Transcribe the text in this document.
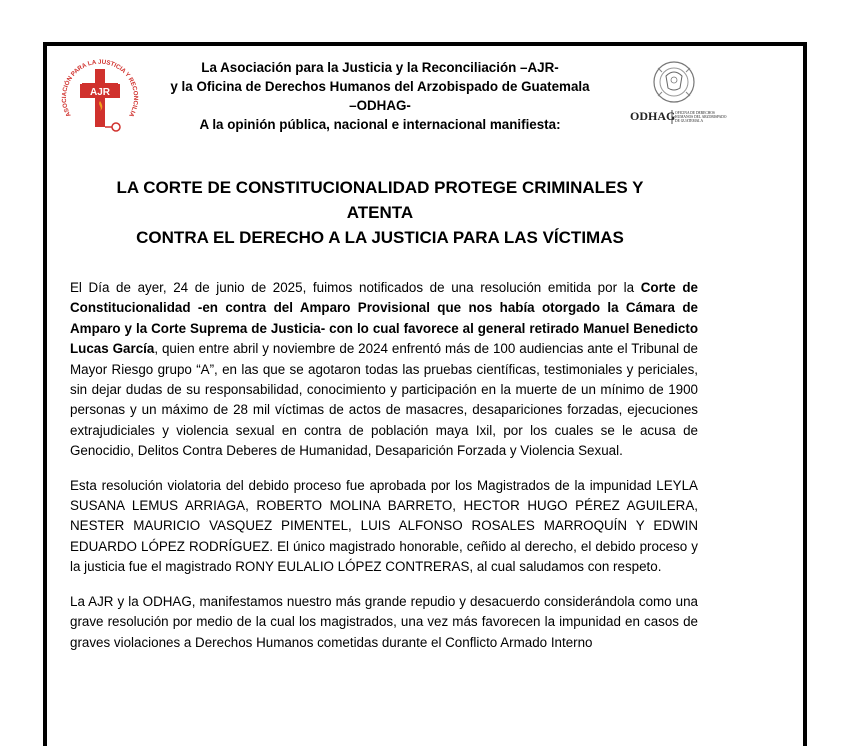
ASOCIACIÓN PARA LA JUSTICIA Y RECONCILIA
AJR
La Asociación para la Justicia y la Reconciliación –AJR-
y la Oficina de Derechos Humanos del Arzobispado de Guatemala
–ODHAG-
A la opinión pública, nacional e internacional manifiesta:
ODHAG OFICINA DE DERECHOS
HUMANOS DEL ARZOBISPADO
DE GUATEMALA
LA CORTE DE CONSTITUCIONALIDAD PROTEGE CRIMINALES Y ATENTA
CONTRA EL DERECHO A LA JUSTICIA PARA LAS VÍCTIMAS

El Día de ayer, 24 de junio de 2025, fuimos notificados de una resolución emitida por la Corte de Constitucionalidad -en contra del Amparo Provisional que nos había otorgado la Cámara de Amparo y la Corte Suprema de Justicia- con lo cual favorece al general retirado Manuel Benedicto Lucas García, quien entre abril y noviembre de 2024 enfrentó más de 100 audiencias ante el Tribunal de Mayor Riesgo grupo “A”, en las que se agotaron todas las pruebas científicas, testimoniales y periciales, sin dejar dudas de su responsabilidad, conocimiento y participación en la muerte de un mínimo de 1900 personas y un máximo de 28 mil víctimas de actos de masacres, desapariciones forzadas, ejecuciones extrajudiciales y violencia sexual en contra de población maya Ixil, por los cuales se le acusa de Genocidio, Delitos Contra Deberes de Humanidad, Desaparición Forzada y Violencia Sexual.

Esta resolución violatoria del debido proceso fue aprobada por los Magistrados de la impunidad LEYLA SUSANA LEMUS ARRIAGA, ROBERTO MOLINA BARRETO, HECTOR HUGO PÉREZ AGUILERA, NESTER MAURICIO VASQUEZ PIMENTEL, LUIS ALFONSO ROSALES MARROQUÍN Y EDWIN EDUARDO LÓPEZ RODRÍGUEZ. El único magistrado honorable, ceñido al derecho, el debido proceso y la justicia fue el magistrado RONY EULALIO LÓPEZ CONTRERAS, al cual saludamos con respeto.

La AJR y la ODHAG, manifestamos nuestro más grande repudio y desacuerdo considerándola como una grave resolución por medio de la cual los magistrados, una vez más favorecen la impunidad en casos de graves violaciones a Derechos Humanos cometidas durante el Conflicto Armado Interno
